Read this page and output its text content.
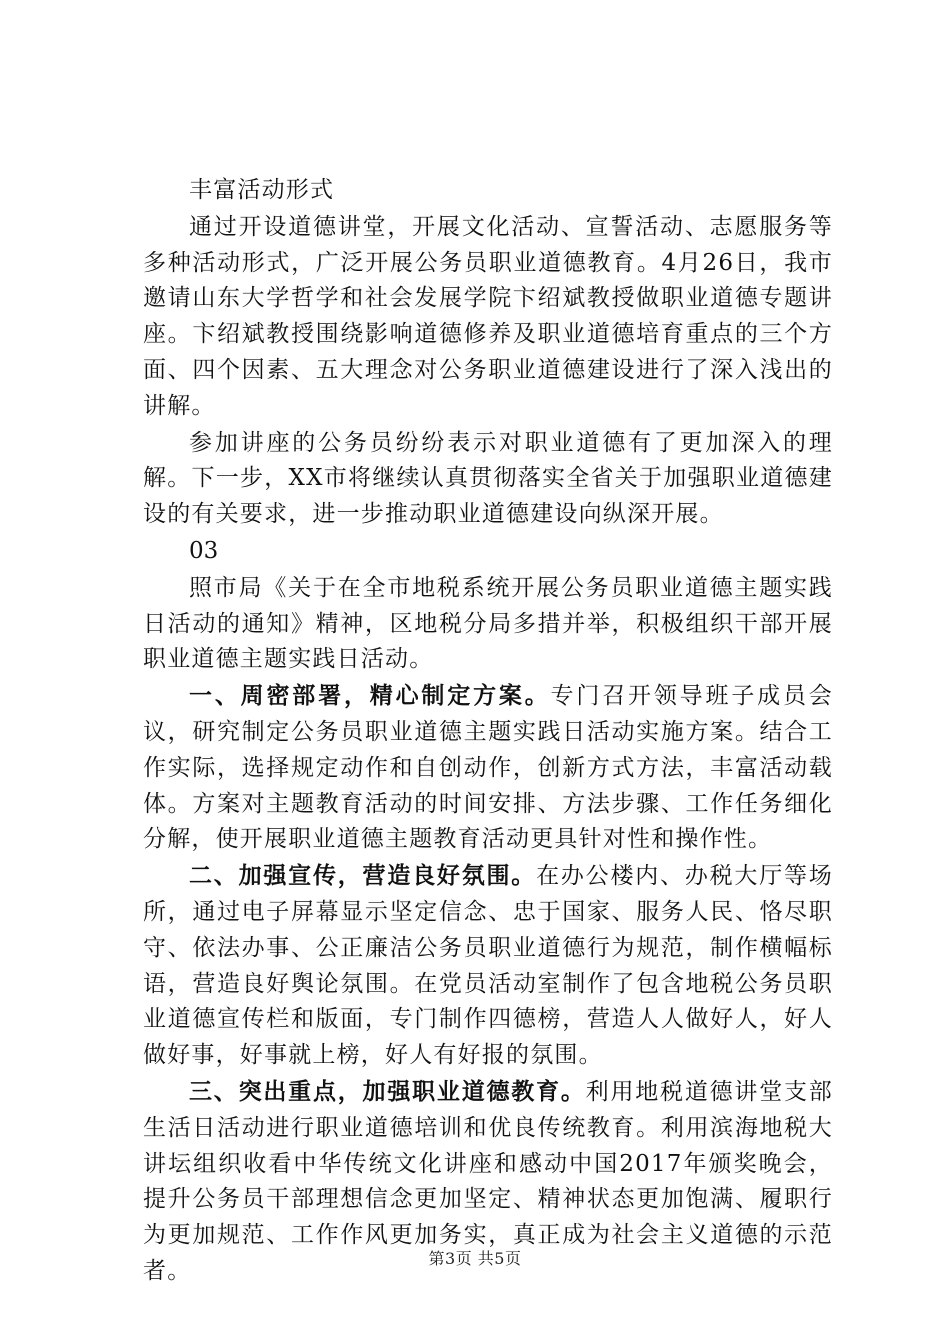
丰富活动形式

通过开设道德讲堂，开展文化活动、宣誓活动、志愿服务等多种活动形式，广泛开展公务员职业道德教育。4月26日，我市邀请山东大学哲学和社会发展学院卞绍斌教授做职业道德专题讲座。卞绍斌教授围绕影响道德修养及职业道德培育重点的三个方面、四个因素、五大理念对公务职业道德建设进行了深入浅出的讲解。

参加讲座的公务员纷纷表示对职业道德有了更加深入的理解。下一步，XX市将继续认真贯彻落实全省关于加强职业道德建设的有关要求，进一步推动职业道德建设向纵深开展。

03

照市局《关于在全市地税系统开展公务员职业道德主题实践日活动的通知》精神，区地税分局多措并举，积极组织干部开展职业道德主题实践日活动。

一、周密部署，精心制定方案。专门召开领导班子成员会议，研究制定公务员职业道德主题实践日活动实施方案。结合工作实际，选择规定动作和自创动作，创新方式方法，丰富活动载体。方案对主题教育活动的时间安排、方法步骤、工作任务细化分解，使开展职业道德主题教育活动更具针对性和操作性。

二、加强宣传，营造良好氛围。在办公楼内、办税大厅等场所，通过电子屏幕显示坚定信念、忠于国家、服务人民、恪尽职守、依法办事、公正廉洁公务员职业道德行为规范，制作横幅标语，营造良好舆论氛围。在党员活动室制作了包含地税公务员职业道德宣传栏和版面，专门制作四德榜，营造人人做好人，好人做好事，好事就上榜，好人有好报的氛围。

三、突出重点，加强职业道德教育。利用地税道德讲堂支部生活日活动进行职业道德培训和优良传统教育。利用滨海地税大讲坛组织收看中华传统文化讲座和感动中国2017年颁奖晚会，提升公务员干部理想信念更加坚定、精神状态更加饱满、履职行为更加规范、工作作风更加务实，真正成为社会主义道德的示范者。	第3页 共5页
